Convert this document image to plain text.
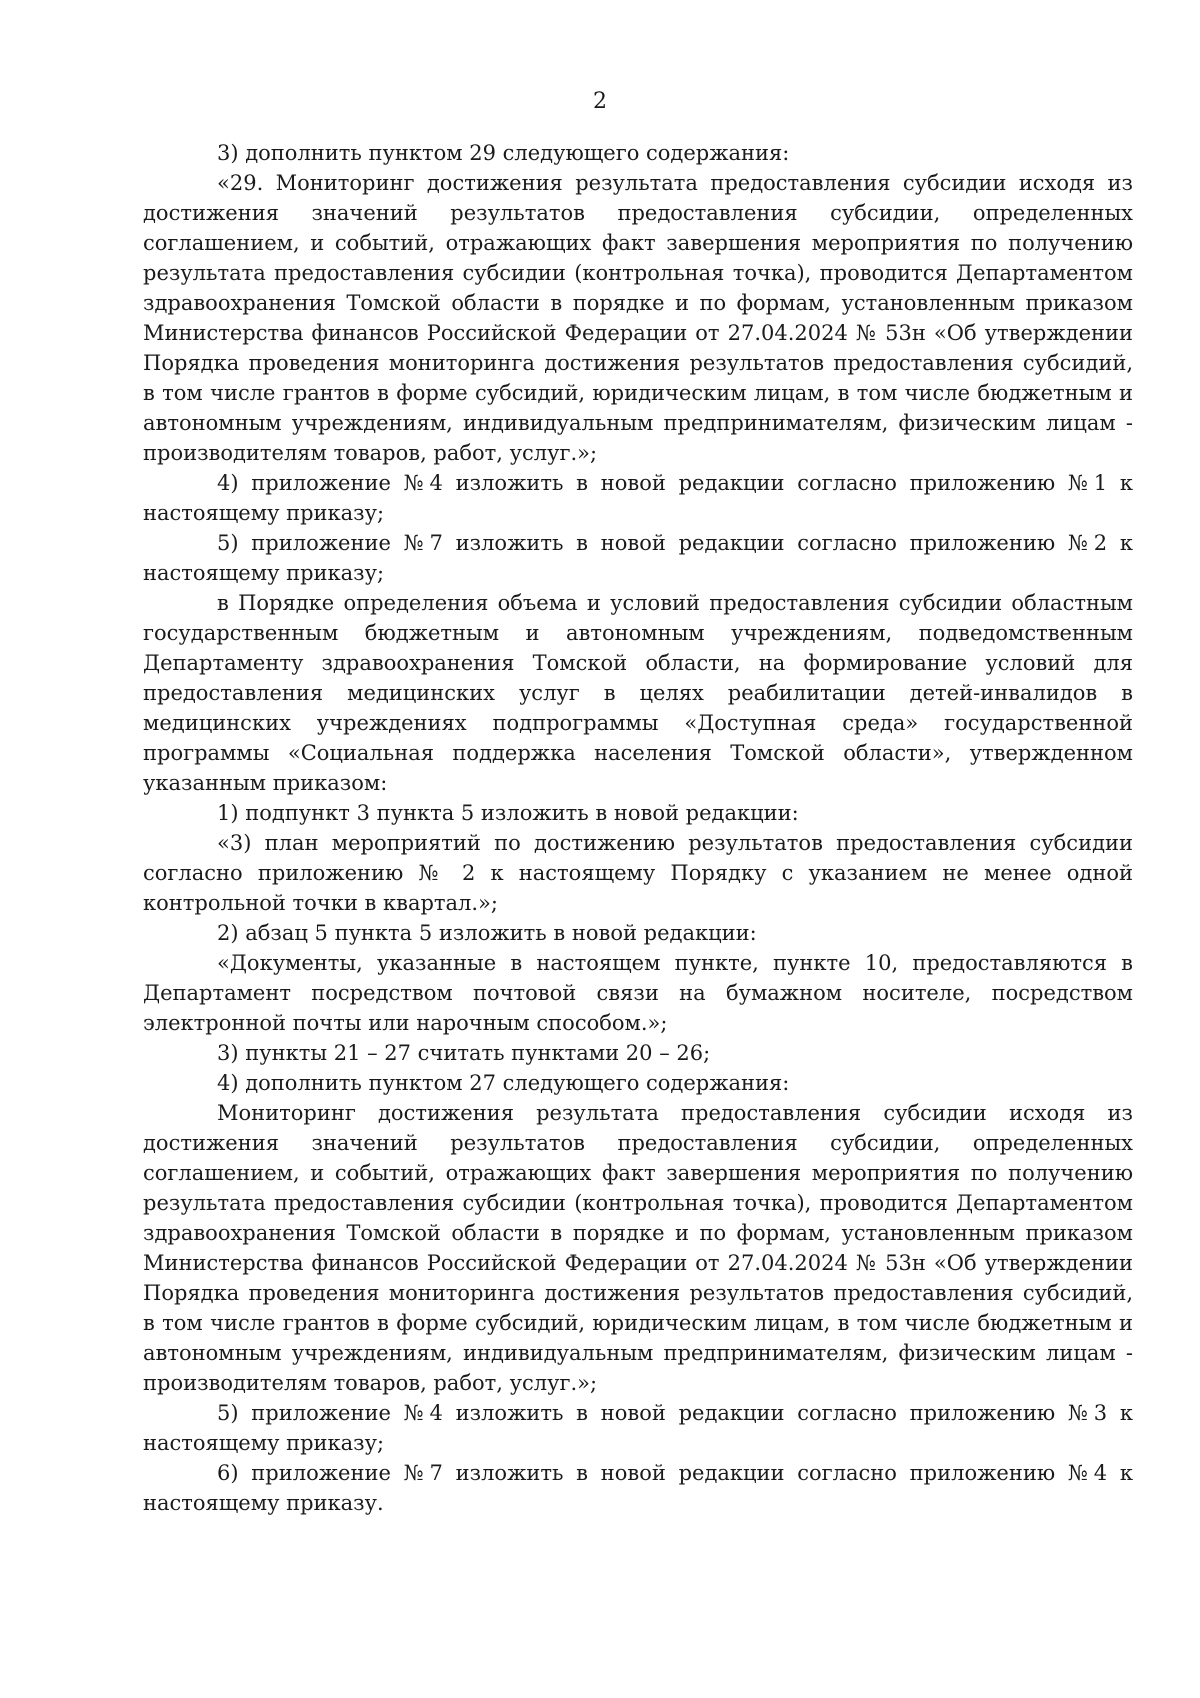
2

3) дополнить пунктом 29 следующего содержания:

«29. Мониторинг достижения результата предоставления субсидии исходя из достижения значений результатов предоставления субсидии, определенных соглашением, и событий, отражающих факт завершения мероприятия по получению результата предоставления субсидии (контрольная точка), проводится Департаментом здравоохранения Томской области в порядке и по формам, установленным приказом Министерства финансов Российской Федерации от 27.04.2024 № 53н «Об утверждении Порядка проведения мониторинга достижения результатов предоставления субсидий, в том числе грантов в форме субсидий, юридическим лицам, в том числе бюджетным и автономным учреждениям, индивидуальным предпринимателям, физическим лицам - производителям товаров, работ, услуг.»;

4) приложение №4 изложить в новой редакции согласно приложению №1 к настоящему приказу;

5) приложение №7 изложить в новой редакции согласно приложению №2 к настоящему приказу;

в Порядке определения объема и условий предоставления субсидии областным государственным бюджетным и автономным учреждениям, подведомственным Департаменту здравоохранения Томской области, на формирование условий для предоставления медицинских услуг в целях реабилитации детей-инвалидов в медицинских учреждениях подпрограммы «Доступная среда» государственной программы «Социальная поддержка населения Томской области», утвержденном указанным приказом:

1) подпункт 3 пункта 5 изложить в новой редакции:

«3) план мероприятий по достижению результатов предоставления субсидии согласно приложению № 2 к настоящему Порядку с указанием не менее одной контрольной точки в квартал.»;

2) абзац 5 пункта 5 изложить в новой редакции:

«Документы, указанные в настоящем пункте, пункте 10, предоставляются в Департамент посредством почтовой связи на бумажном носителе, посредством электронной почты или нарочным способом.»;

3) пункты 21 – 27 считать пунктами 20 – 26;

4) дополнить пунктом 27 следующего содержания:

Мониторинг достижения результата предоставления субсидии исходя из достижения значений результатов предоставления субсидии, определенных соглашением, и событий, отражающих факт завершения мероприятия по получению результата предоставления субсидии (контрольная точка), проводится Департаментом здравоохранения Томской области в порядке и по формам, установленным приказом Министерства финансов Российской Федерации от 27.04.2024 № 53н «Об утверждении Порядка проведения мониторинга достижения результатов предоставления субсидий, в том числе грантов в форме субсидий, юридическим лицам, в том числе бюджетным и автономным учреждениям, индивидуальным предпринимателям, физическим лицам - производителям товаров, работ, услуг.»;

5) приложение №4 изложить в новой редакции согласно приложению №3 к настоящему приказу;

6) приложение №7 изложить в новой редакции согласно приложению №4 к настоящему приказу.
